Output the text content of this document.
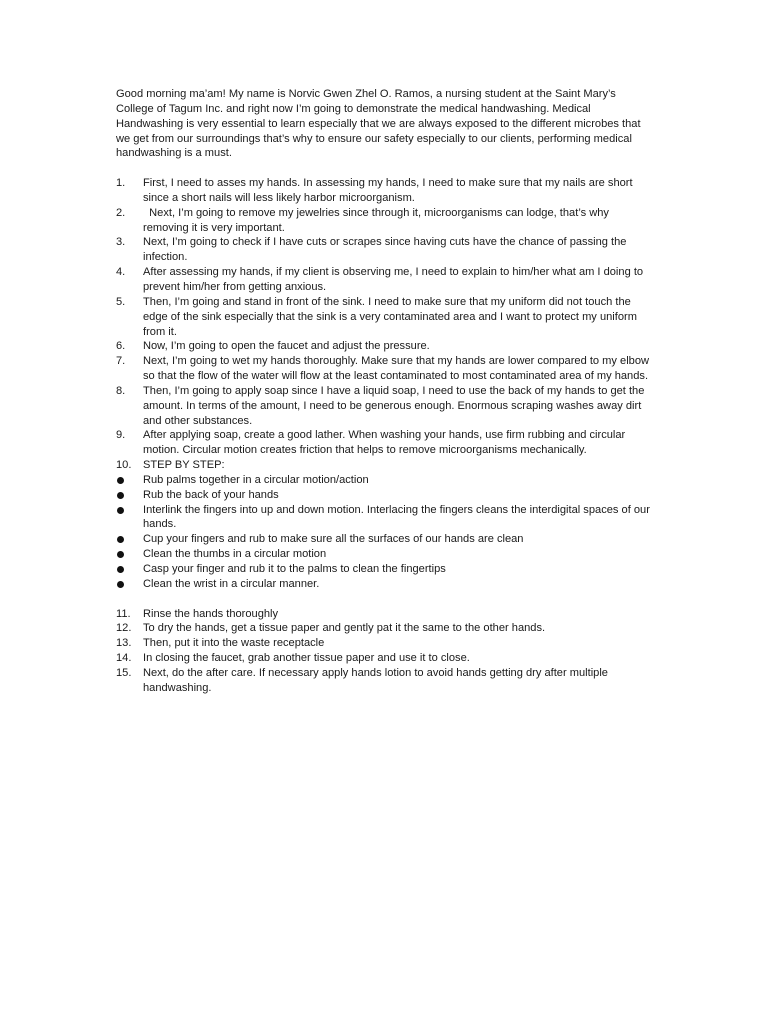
Good morning ma’am! My name is Norvic Gwen Zhel O. Ramos, a nursing student at the Saint Mary’s College of Tagum Inc. and right now I’m going to demonstrate the medical handwashing. Medical Handwashing is very essential to learn especially that we are always exposed to the different microbes that we get from our surroundings that’s why to ensure our safety especially to our clients, performing medical handwashing is a must.

1.	First, I need to asses my hands. In assessing my hands, I need to make sure that my nails are short since a short nails will less likely harbor microorganism.
2.	Next, I’m going to remove my jewelries since through it, microorganisms can lodge, that’s why removing it is very important.
3.	Next, I’m going to check if I have cuts or scrapes since having cuts have the chance of passing the infection.
4.	After assessing my hands, if my client is observing me, I need to explain to him/her what am I doing to prevent him/her from getting anxious.
5.	Then, I’m going and stand in front of the sink. I need to make sure that my uniform did not touch the edge of the sink especially that the sink is a very contaminated area and I want to protect my uniform from it.
6.	Now, I’m going to open the faucet and adjust the pressure.
7.	Next, I’m going to wet my hands thoroughly. Make sure that my hands are lower compared to my elbow so that the flow of the water will flow at the least contaminated to most contaminated area of my hands.
8.	Then, I’m going to apply soap since I have a liquid soap, I need to use the back of my hands to get the amount. In terms of the amount, I need to be generous enough. Enormous scraping washes away dirt and other substances.
9.	After applying soap, create a good lather. When washing your hands, use firm rubbing and circular motion. Circular motion creates friction that helps to remove microorganisms mechanically.
10.	STEP BY STEP:
Rub palms together in a circular motion/action
Rub the back of your hands
Interlink the fingers into up and down motion. Interlacing the fingers cleans the interdigital spaces of our hands.
Cup your fingers and rub to make sure all the surfaces of our hands are clean
Clean the thumbs in a circular motion
Casp your finger and rub it to the palms to clean the fingertips
Clean the wrist in a circular manner.
11.	Rinse the hands thoroughly
12.	To dry the hands, get a tissue paper and gently pat it the same to the other hands.
13.	Then, put it into the waste receptacle
14.	In closing the faucet, grab another tissue paper and use it to close.
15.	Next, do the after care. If necessary apply hands lotion to avoid hands getting dry after multiple handwashing.
